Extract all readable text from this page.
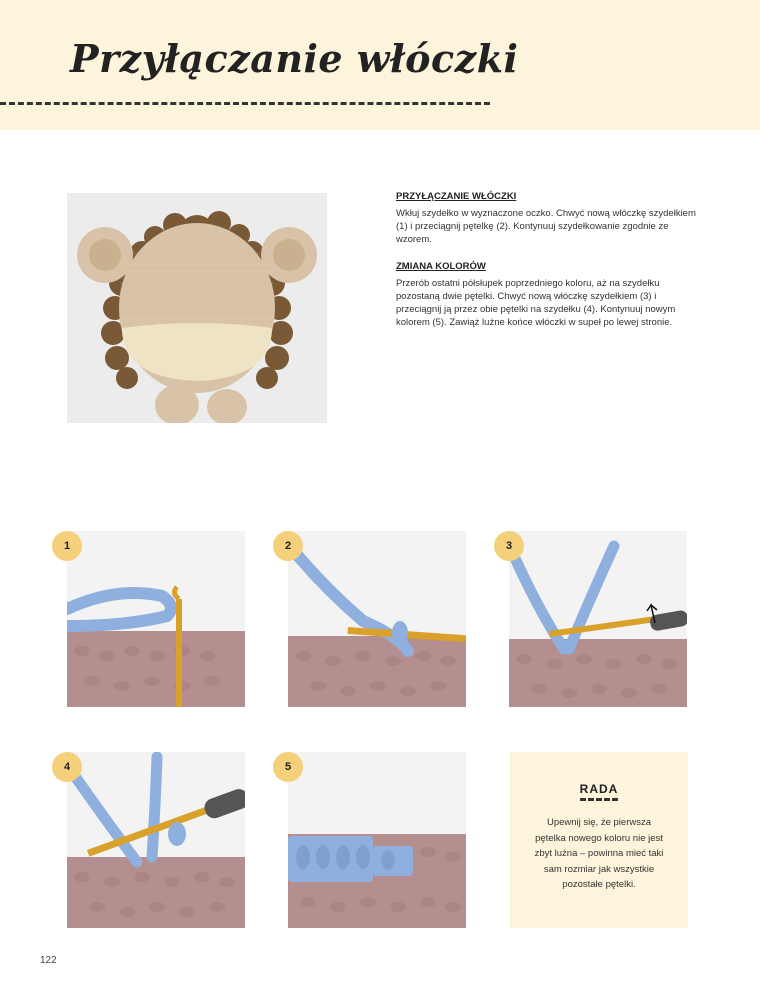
Przyłączanie włóczki
PRZYŁĄCZANIE WŁÓCZKI

Wkłuj szydełko w wyznaczone oczko. Chwyć nową włóczkę szydełkiem (1) i przeciągnij pętelkę (2). Kontynuuj szydełkowanie zgodnie ze wzorem.

ZMIANA KOLORÓW

Przerób ostatni półsłupek poprzedniego koloru, aż na szydełku pozostaną dwie pętelki. Chwyć nową włóczkę szydełkiem (3) i przeciągnij ją przez obie pętelki na szydełku (4). Kontynuuj nowym kolorem (5). Zawiąż luźne końce włóczki w supeł po lewej stronie.

1	2	3
4	5
RADA
Upewnij się, że pierwsza pętelka nowego koloru nie jest zbyt luźna – powinna mieć taki sam rozmiar jak wszystkie pozostałe pętelki.
122
